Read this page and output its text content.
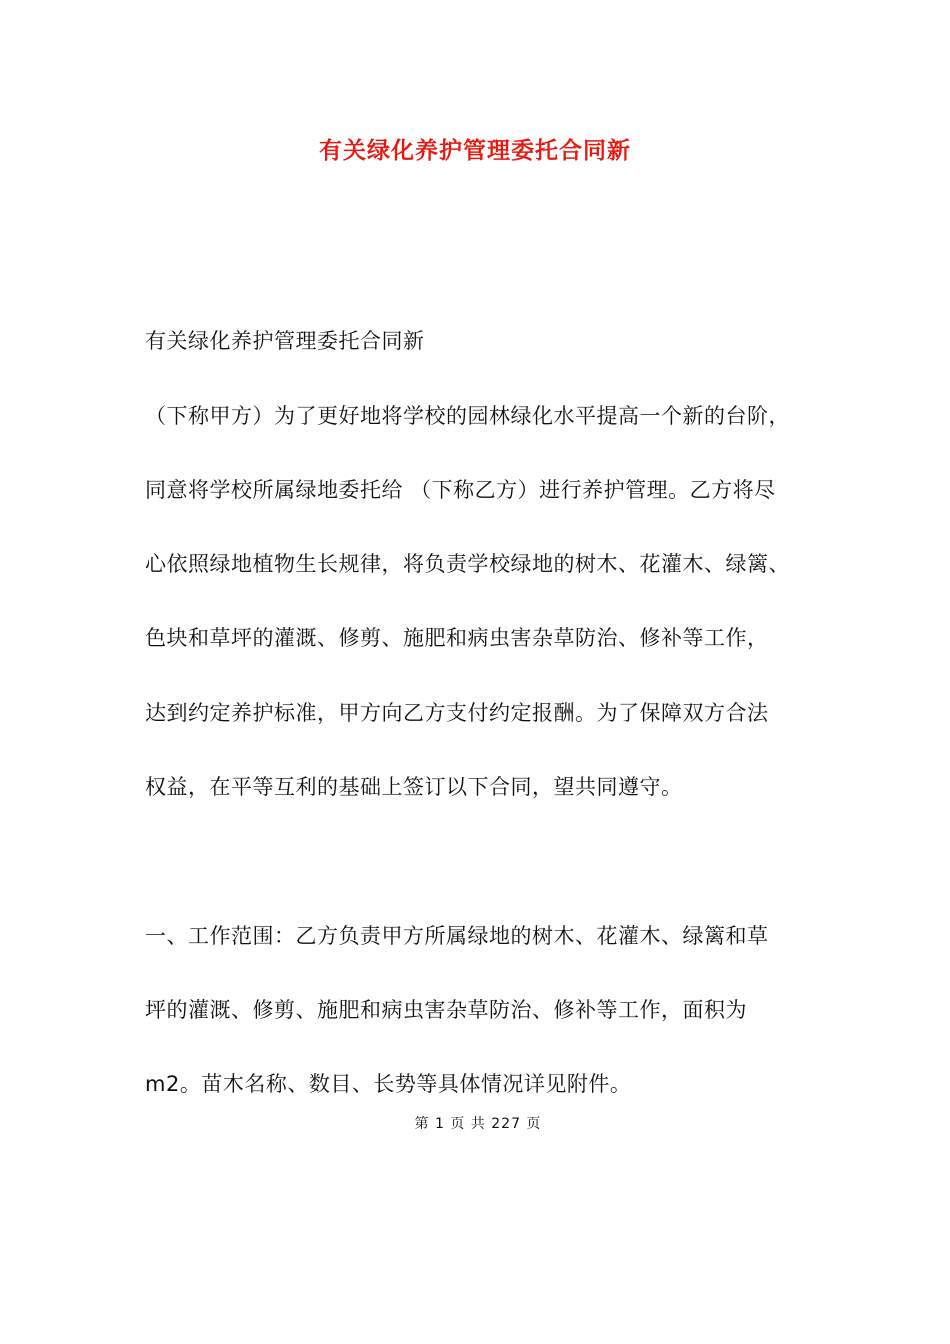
有关绿化养护管理委托合同新
有关绿化养护管理委托合同新
（下称甲方）为了更好地将学校的园林绿化水平提高一个新的台阶，
同意将学校所属绿地委托给 （下称乙方）进行养护管理。乙方将尽
心依照绿地植物生长规律，将负责学校绿地的树木、花灌木、绿篱、
色块和草坪的灌溉、修剪、施肥和病虫害杂草防治、修补等工作，
达到约定养护标准，甲方向乙方支付约定报酬。为了保障双方合法
权益，在平等互利的基础上签订以下合同，望共同遵守。
一、工作范围：乙方负责甲方所属绿地的树木、花灌木、绿篱和草
坪的灌溉、修剪、施肥和病虫害杂草防治、修补等工作，面积为
m2。苗木名称、数目、长势等具体情况详见附件。
第 1 页 共 227 页
